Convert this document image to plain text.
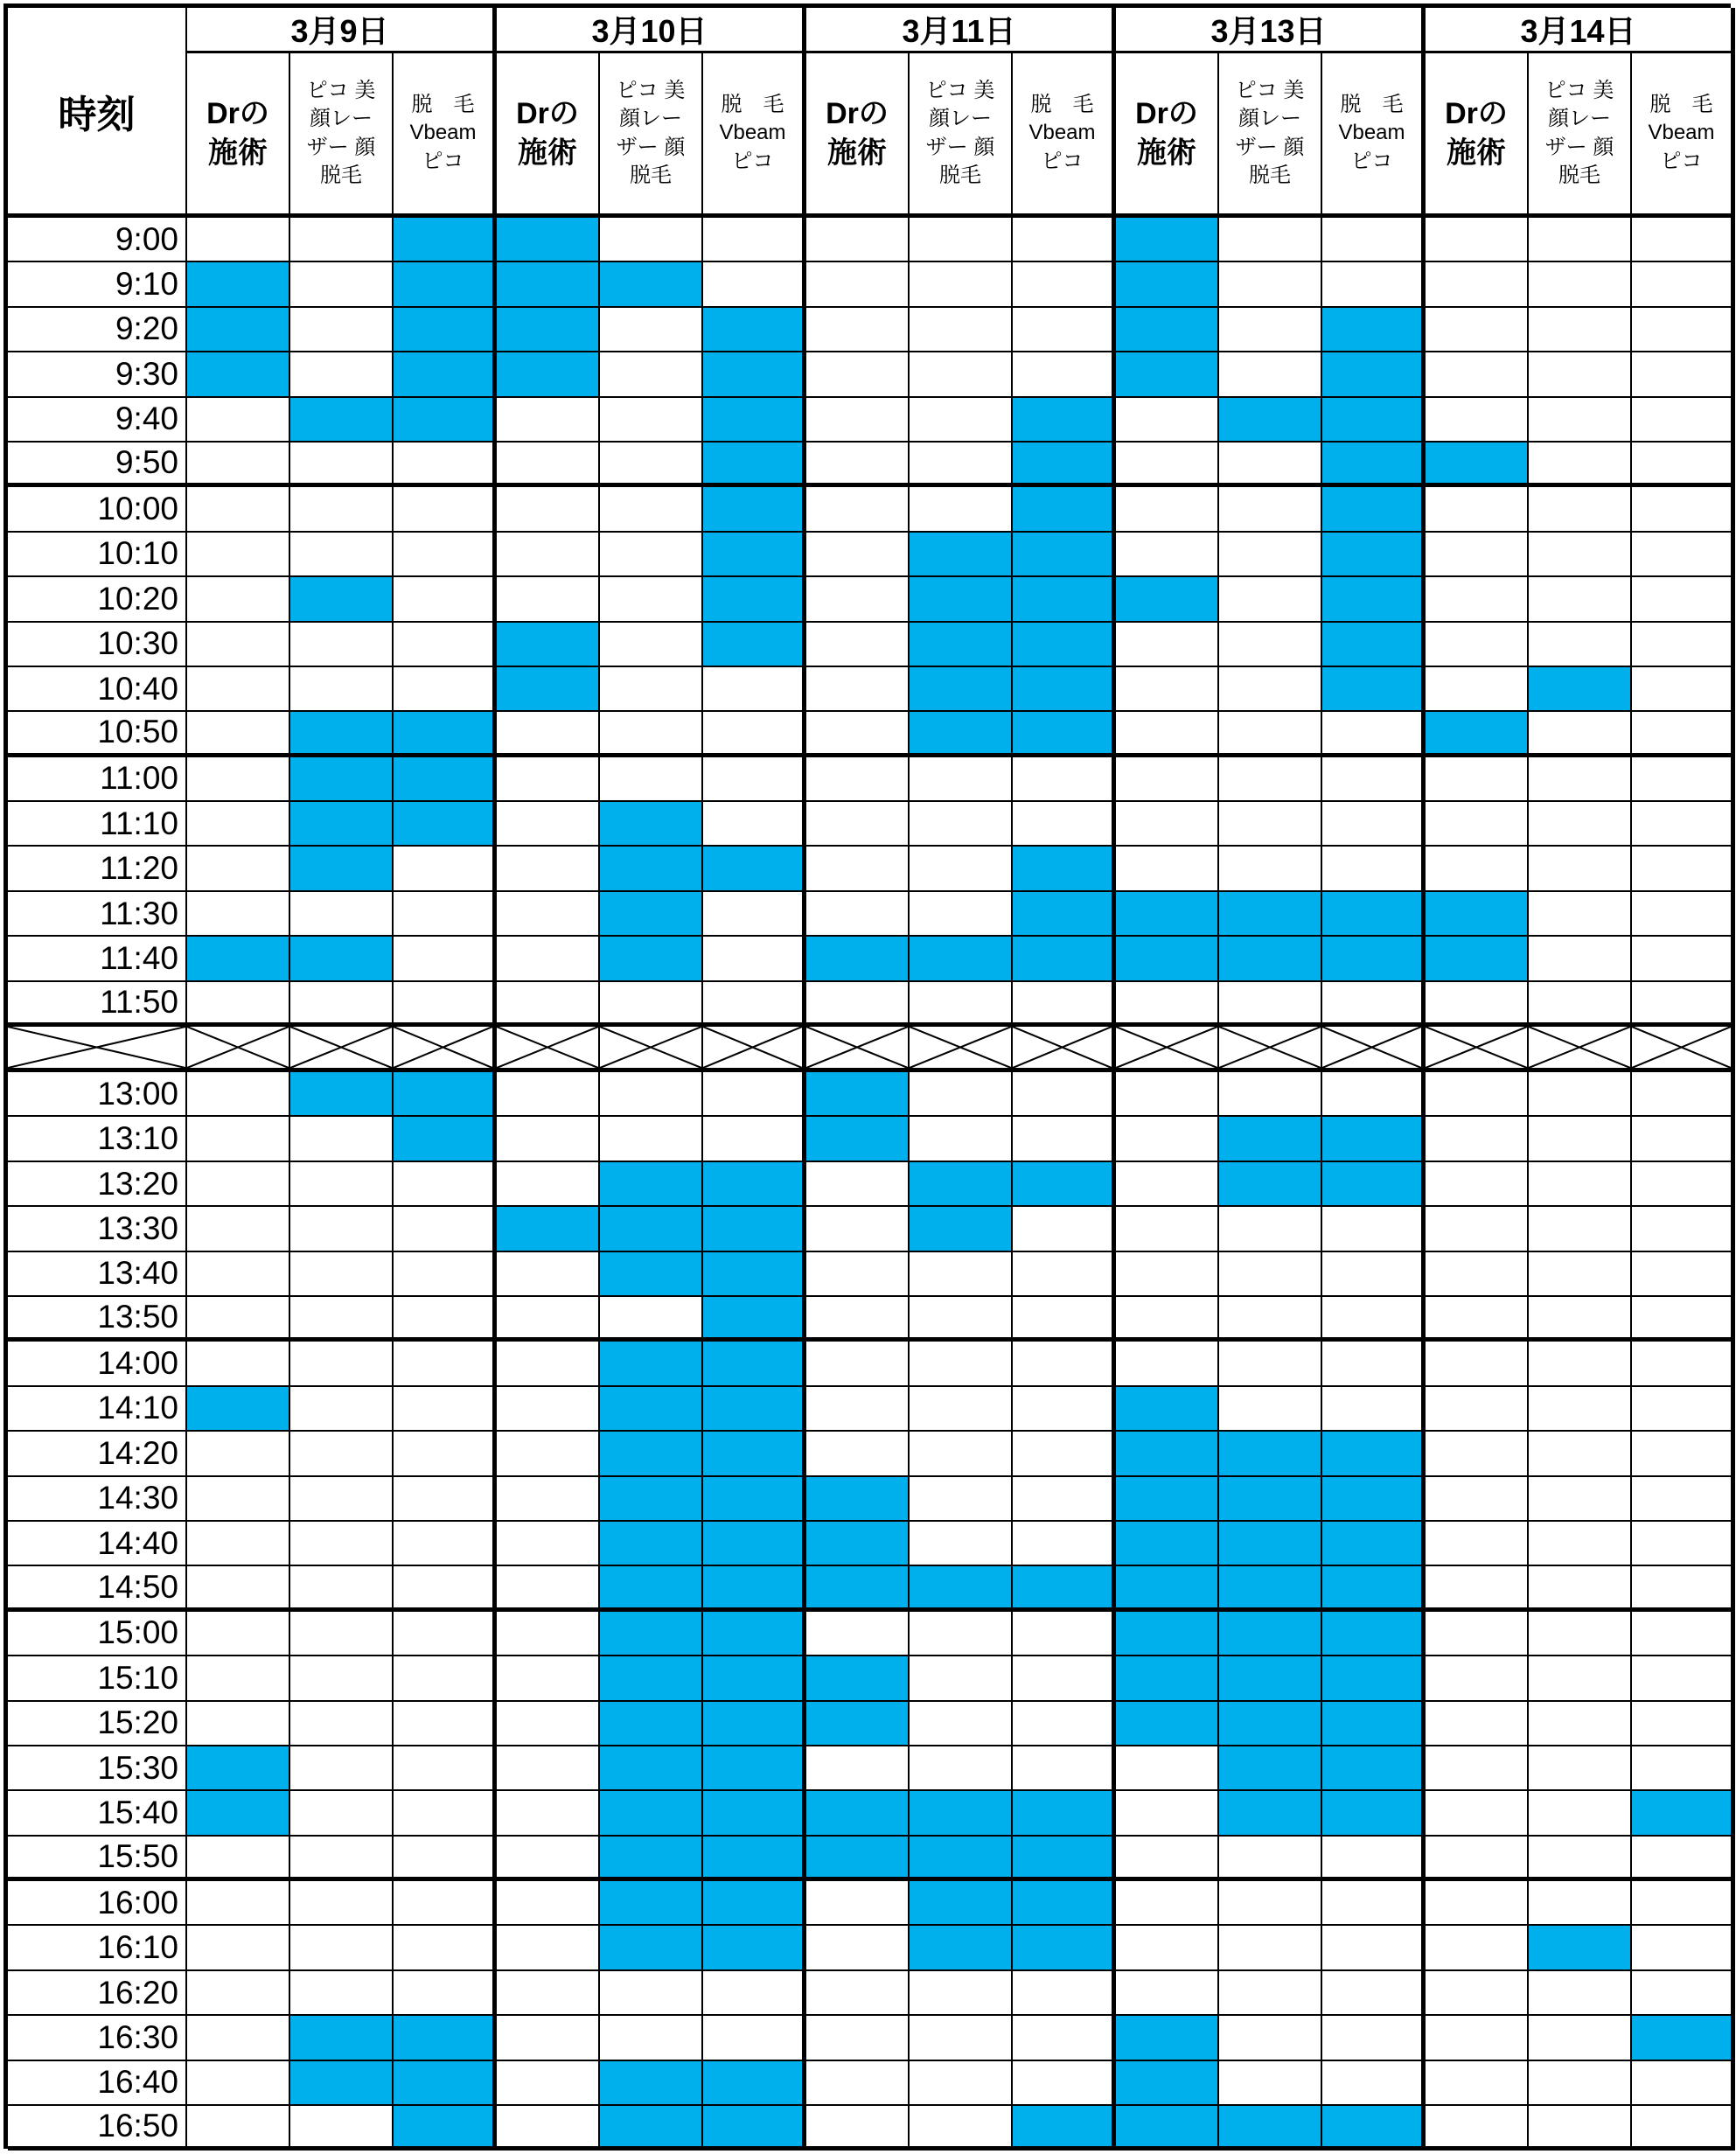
時刻
3月9日
Drの
施術
ピコ 美
顔レー
ザー 顔
脱毛
脱　毛
Vbeam
ピコ
3月10日
Drの
施術
ピコ 美
顔レー
ザー 顔
脱毛
脱　毛
Vbeam
ピコ
3月11日
Drの
施術
ピコ 美
顔レー
ザー 顔
脱毛
脱　毛
Vbeam
ピコ
3月13日
Drの
施術
ピコ 美
顔レー
ザー 顔
脱毛
脱　毛
Vbeam
ピコ
3月14日
Drの
施術
ピコ 美
顔レー
ザー 顔
脱毛
脱　毛
Vbeam
ピコ
9:00
9:10
9:20
9:30
9:40
9:50
10:00
10:10
10:20
10:30
10:40
10:50
11:00
11:10
11:20
11:30
11:40
11:50
13:00
13:10
13:20
13:30
13:40
13:50
14:00
14:10
14:20
14:30
14:40
14:50
15:00
15:10
15:20
15:30
15:40
15:50
16:00
16:10
16:20
16:30
16:40
16:50
